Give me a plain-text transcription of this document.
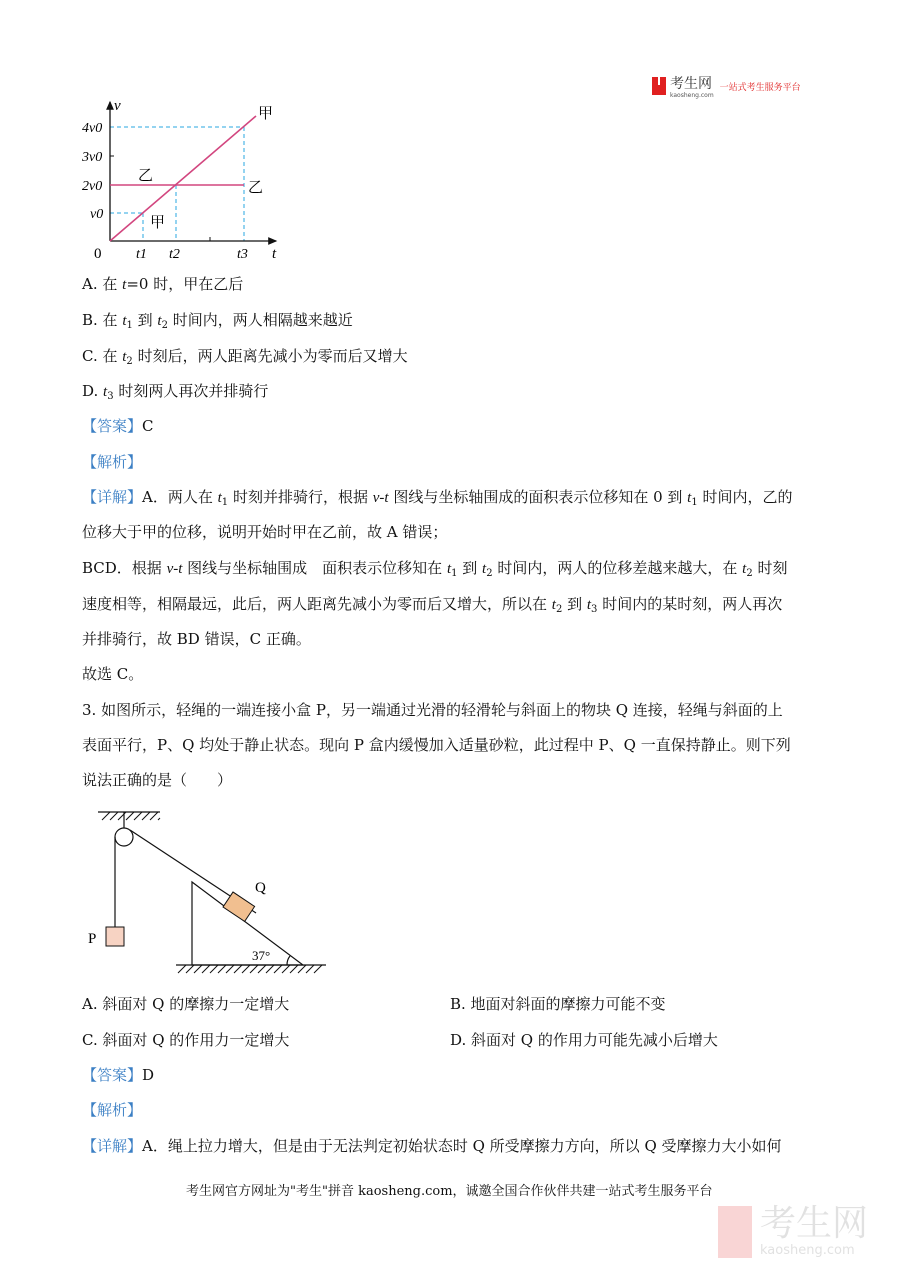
考生网
kaosheng.com
一站式考生服务平台
v
t
0
4v0
3v0
2v0
v0
t1 t2	t3
甲
甲
乙
乙
A. 在 t=0 时，甲在乙后
B. 在 $t_1$ 到 $t_2$ 时间内，两人相隔越来越近
C. 在 $t_2$ 时刻后，两人距离先减小为零而后又增大
D. $t_3$ 时刻两人再次并排骑行
【答案】C
【解析】
【详解】A．两人在 $t_1$ 时刻并排骑行，根据 v-t 图线与坐标轴围成的面积表示位移知在 0 到 $t_1$ 时间内，乙的
位移大于甲的位移，说明开始时甲在乙前，故 A 错误；
BCD．根据 v-t 图线与坐标轴围成　面积表示位移知在 $t_1$ 到 $t_2$ 时间内，两人的位移差越来越大，在 $t_2$ 时刻
速度相等，相隔最远，此后，两人距离先减小为零而后又增大，所以在 $t_2$ 到 $t_3$ 时间内的某时刻，两人再次
并排骑行，故 BD 错误，C 正确。
故选 C。
3. 如图所示，轻绳的一端连接小盒 P，另一端通过光滑的轻滑轮与斜面上的物块 Q 连接，轻绳与斜面的上
表面平行，P、Q 均处于静止状态。现向 P 盒内缓慢加入适量砂粒，此过程中 P、Q 一直保持静止。则下列
说法正确的是（　　）
A. 斜面对 Q 的摩擦力一定增大	B. 地面对斜面的摩擦力可能不变
C. 斜面对 Q 的作用力一定增大	D. 斜面对 Q 的作用力可能先减小后增大
【答案】D
【解析】
【详解】A．绳上拉力增大，但是由于无法判定初始状态时 Q 所受摩擦力方向，所以 Q 受摩擦力大小如何
P
Q
37°
考生网官方网址为"考生"拼音 kaosheng.com，诚邀全国合作伙伴共建一站式考生服务平台
考生网
kaosheng.com
